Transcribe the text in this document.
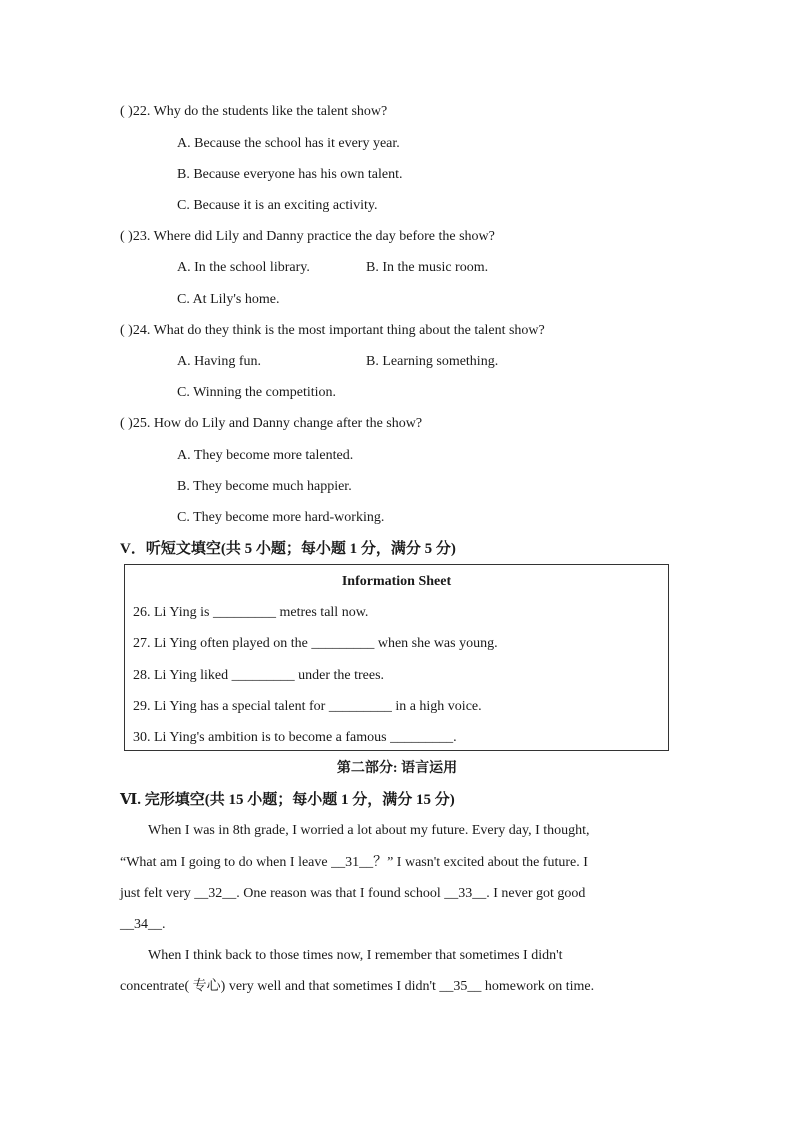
( )22. Why do the students like the talent show?
A. Because the school has it every year.
B. Because everyone has his own talent.
C. Because it is an exciting activity.
( )23. Where did Lily and Danny practice the day before the show?
A. In the school library.	B. In the music room.
C. At Lily's home.
( )24. What do they think is the most important thing about the talent show?
A. Having fun.	B. Learning something.
C. Winning the competition.
( )25. How do Lily and Danny change after the show?
A. They become more talented.
B. They become much happier.
C. They become more hard-working.
V．听短文填空(共 5 小题；每小题 1 分，满分 5 分)
Information Sheet
26. Li Ying is _________ metres tall now.
27. Li Ying often played on the _________ when she was young.
28. Li Ying liked _________ under the trees.
29. Li Ying has a special talent for _________ in a high voice.
30. Li Ying's ambition is to become a famous _________.
第二部分: 语言运用
Ⅵ. 完形填空(共 15 小题；每小题 1 分，满分 15 分)
When I was in 8th grade, I worried a lot about my future. Every day, I thought,
“What am I going to do when I leave __31__？” I wasn't excited about the future. I
just felt very __32__. One reason was that I found school __33__. I never got good
__34__.
When I think back to those times now, I remember that sometimes I didn't
concentrate( 专心) very well and that sometimes I didn't __35__ homework on time.
